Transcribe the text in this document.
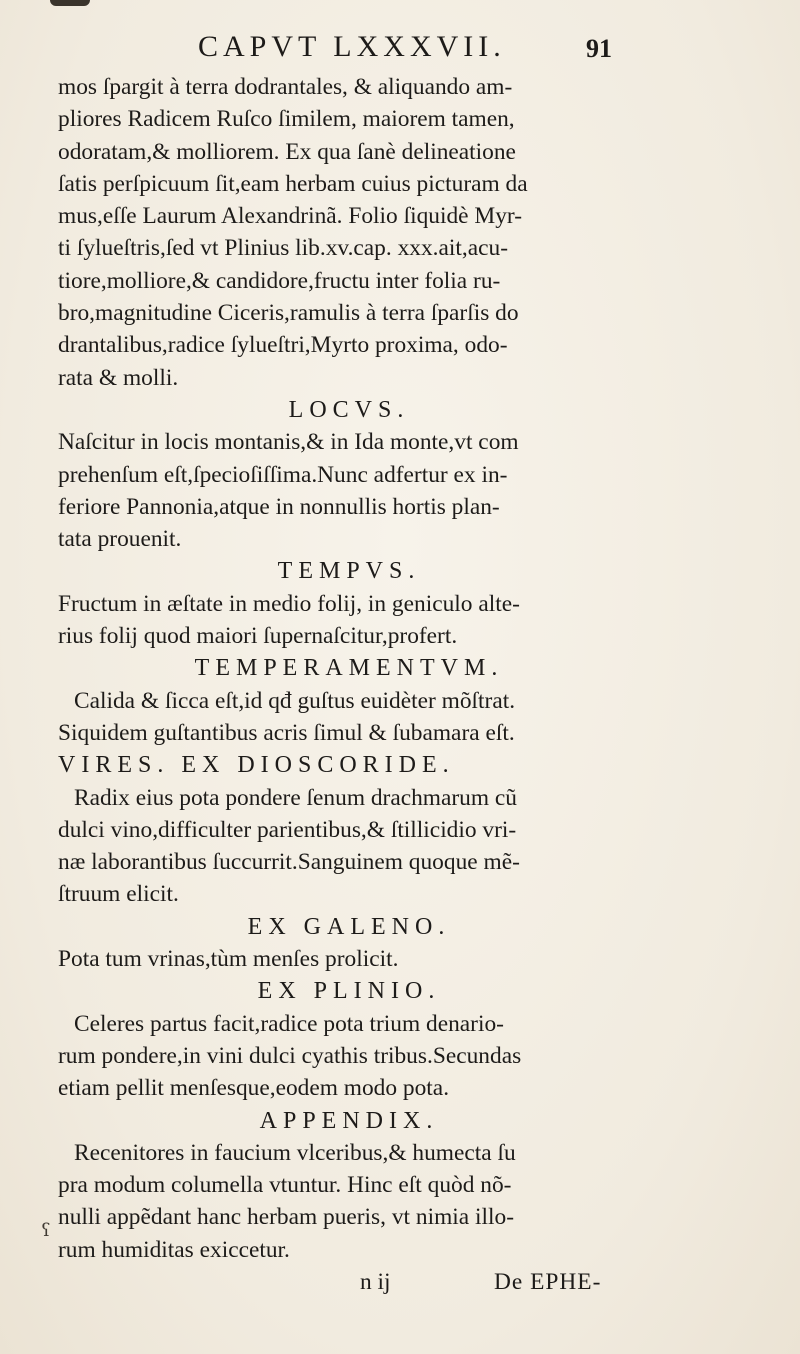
CAPVT LXXXVII.	91
mos ſpargit à terra dodrantales, & aliquando am-
pliores Radicem Ruſco ſimilem, maiorem tamen,
odoratam,& molliorem. Ex qua ſanè delineatione
ſatis perſpicuum ſit,eam herbam cuius picturam da
mus,eſſe Laurum Alexandrinã. Folio ſiquidè Myr-
ti ſylueſtris,ſed vt Plinius lib.xv.cap. xxx.ait,acu-
tiore,molliore,& candidore,fructu inter folia ru-
bro,magnitudine Ciceris,ramulis à terra ſparſis do
drantalibus,radice ſylueſtri,Myrto proxima, odo-
rata & molli.
LOCVS.
Naſcitur in locis montanis,& in Ida monte,vt com
prehenſum eſt,ſpecioſiſſima.Nunc adfertur ex in-
feriore Pannonia,atque in nonnullis hortis plan-
tata prouenit.
TEMPVS.
Fructum in æſtate in medio folij, in geniculo alte-
rius folij quod maiori ſupernaſcitur,profert.
TEMPERAMENTVM.
Calida & ſicca eſt,id qđ guſtus euidèter mõſtrat.
Siquidem guſtantibus acris ſimul & ſubamara eſt.
VIRES. EX DIOSCORIDE.
Radix eius pota pondere ſenum drachmarum cũ
dulci vino,difficulter parientibus,& ſtillicidio vri-
næ laborantibus ſuccurrit.Sanguinem quoque mẽ-
ſtruum elicit.
EX GALENO.
Pota tum vrinas,tùm menſes prolicit.
EX PLINIO.
Celeres partus facit,radice pota trium denario-
rum pondere,in vini dulci cyathis tribus.Secundas
etiam pellit menſesque,eodem modo pota.
APPENDIX.
Recenitores in faucium vlceribus,& humecta ſu
pra modum columella vtuntur. Hinc eſt quòd nõ-
nulli appẽdant hanc herbam pueris, vt nimia illo-
rum humiditas exiccetur.
n ij	De EPHE-
ʕ
